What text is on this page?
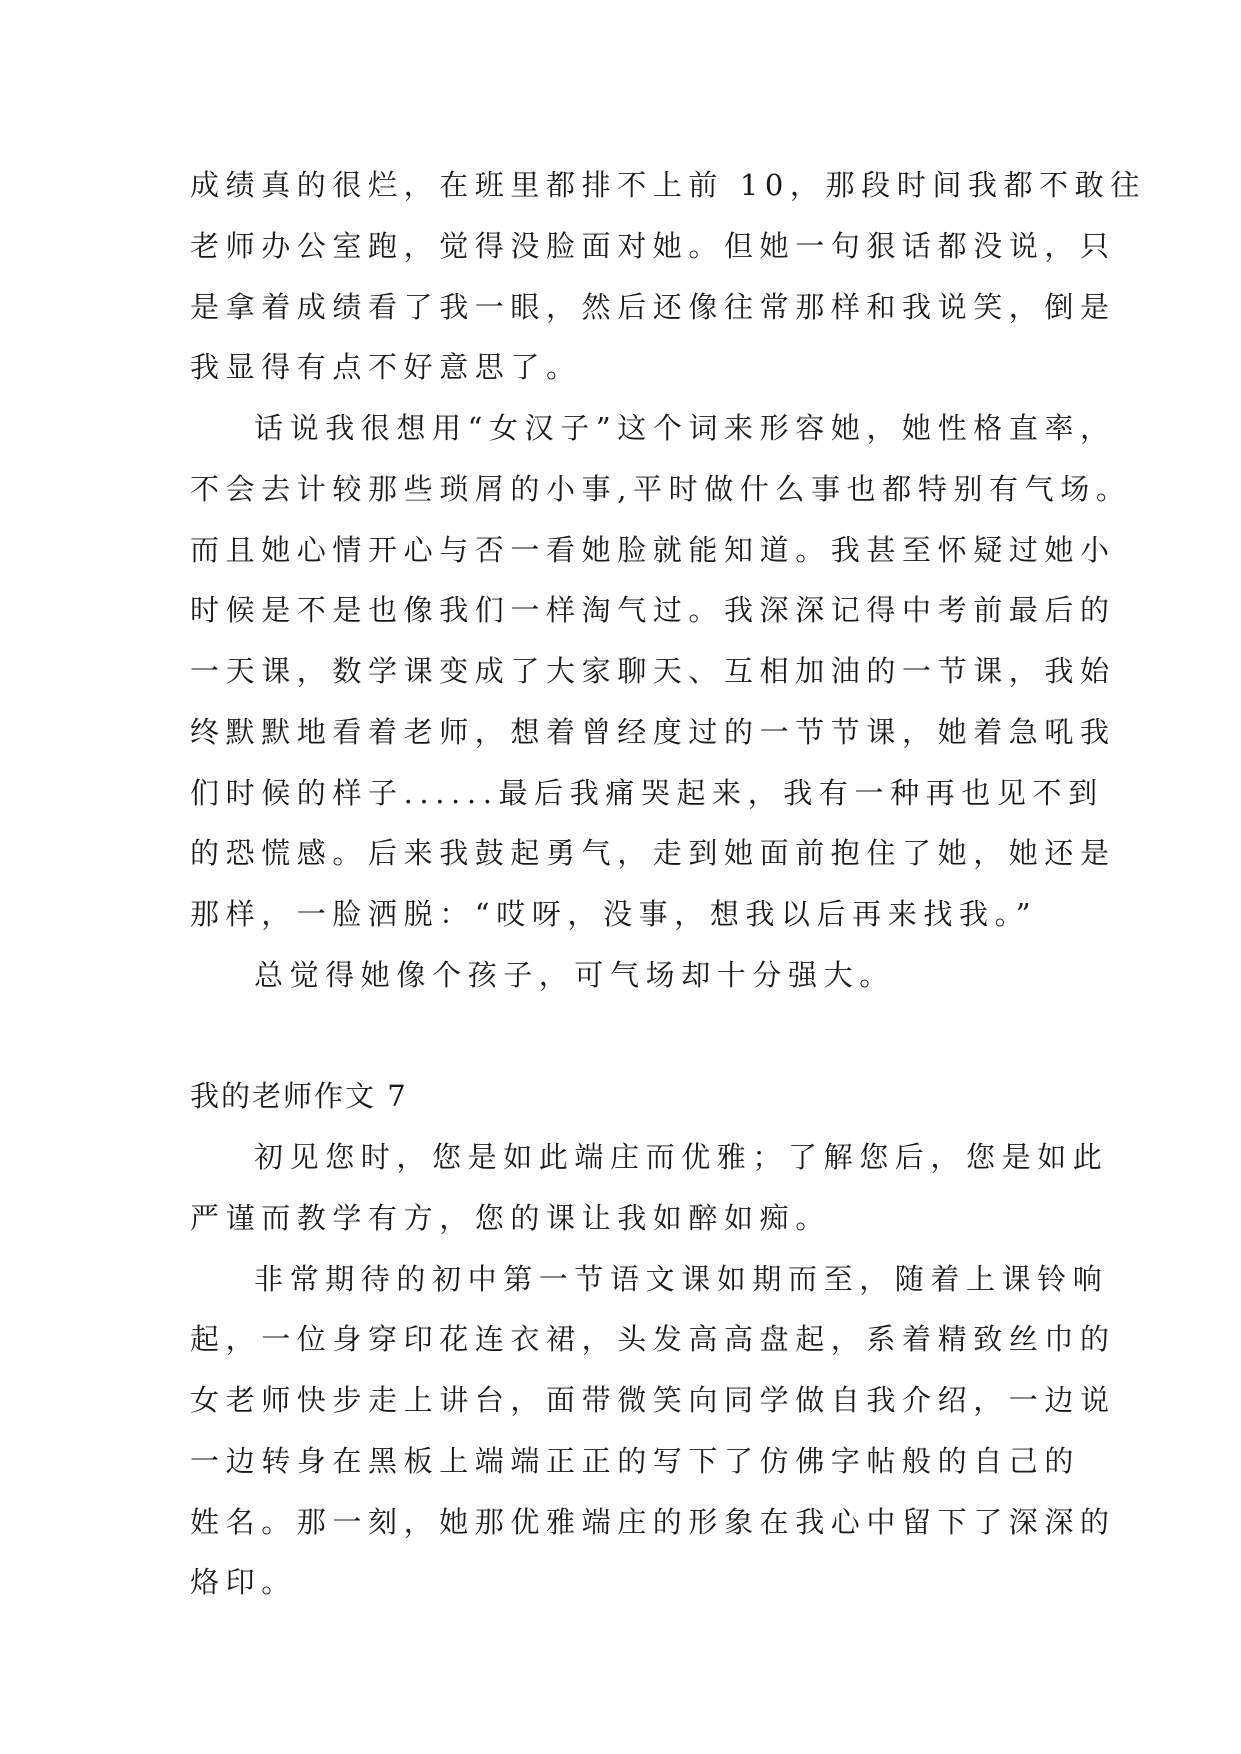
成绩真的很烂，在班里都排不上前 10，那段时间我都不敢往
老师办公室跑，觉得没脸面对她。但她一句狠话都没说，只
是拿着成绩看了我一眼，然后还像往常那样和我说笑，倒是
我显得有点不好意思了。
话说我很想用“女汉子”这个词来形容她，她性格直率，
不会去计较那些琐屑的小事,平时做什么事也都特别有气场。
而且她心情开心与否一看她脸就能知道。我甚至怀疑过她小
时候是不是也像我们一样淘气过。我深深记得中考前最后的
一天课，数学课变成了大家聊天、互相加油的一节课，我始
终默默地看着老师，想着曾经度过的一节节课，她着急吼我
们时候的样子......最后我痛哭起来，我有一种再也见不到
的恐慌感。后来我鼓起勇气，走到她面前抱住了她，她还是
那样，一脸洒脱：“哎呀，没事，想我以后再来找我。”
总觉得她像个孩子，可气场却十分强大。
我的老师作文 7
初见您时，您是如此端庄而优雅；了解您后，您是如此
严谨而教学有方，您的课让我如醉如痴。
非常期待的初中第一节语文课如期而至，随着上课铃响
起，一位身穿印花连衣裙，头发高高盘起，系着精致丝巾的
女老师快步走上讲台，面带微笑向同学做自我介绍，一边说
一边转身在黑板上端端正正的写下了仿佛字帖般的自己的
姓名。那一刻，她那优雅端庄的形象在我心中留下了深深的
烙印。
